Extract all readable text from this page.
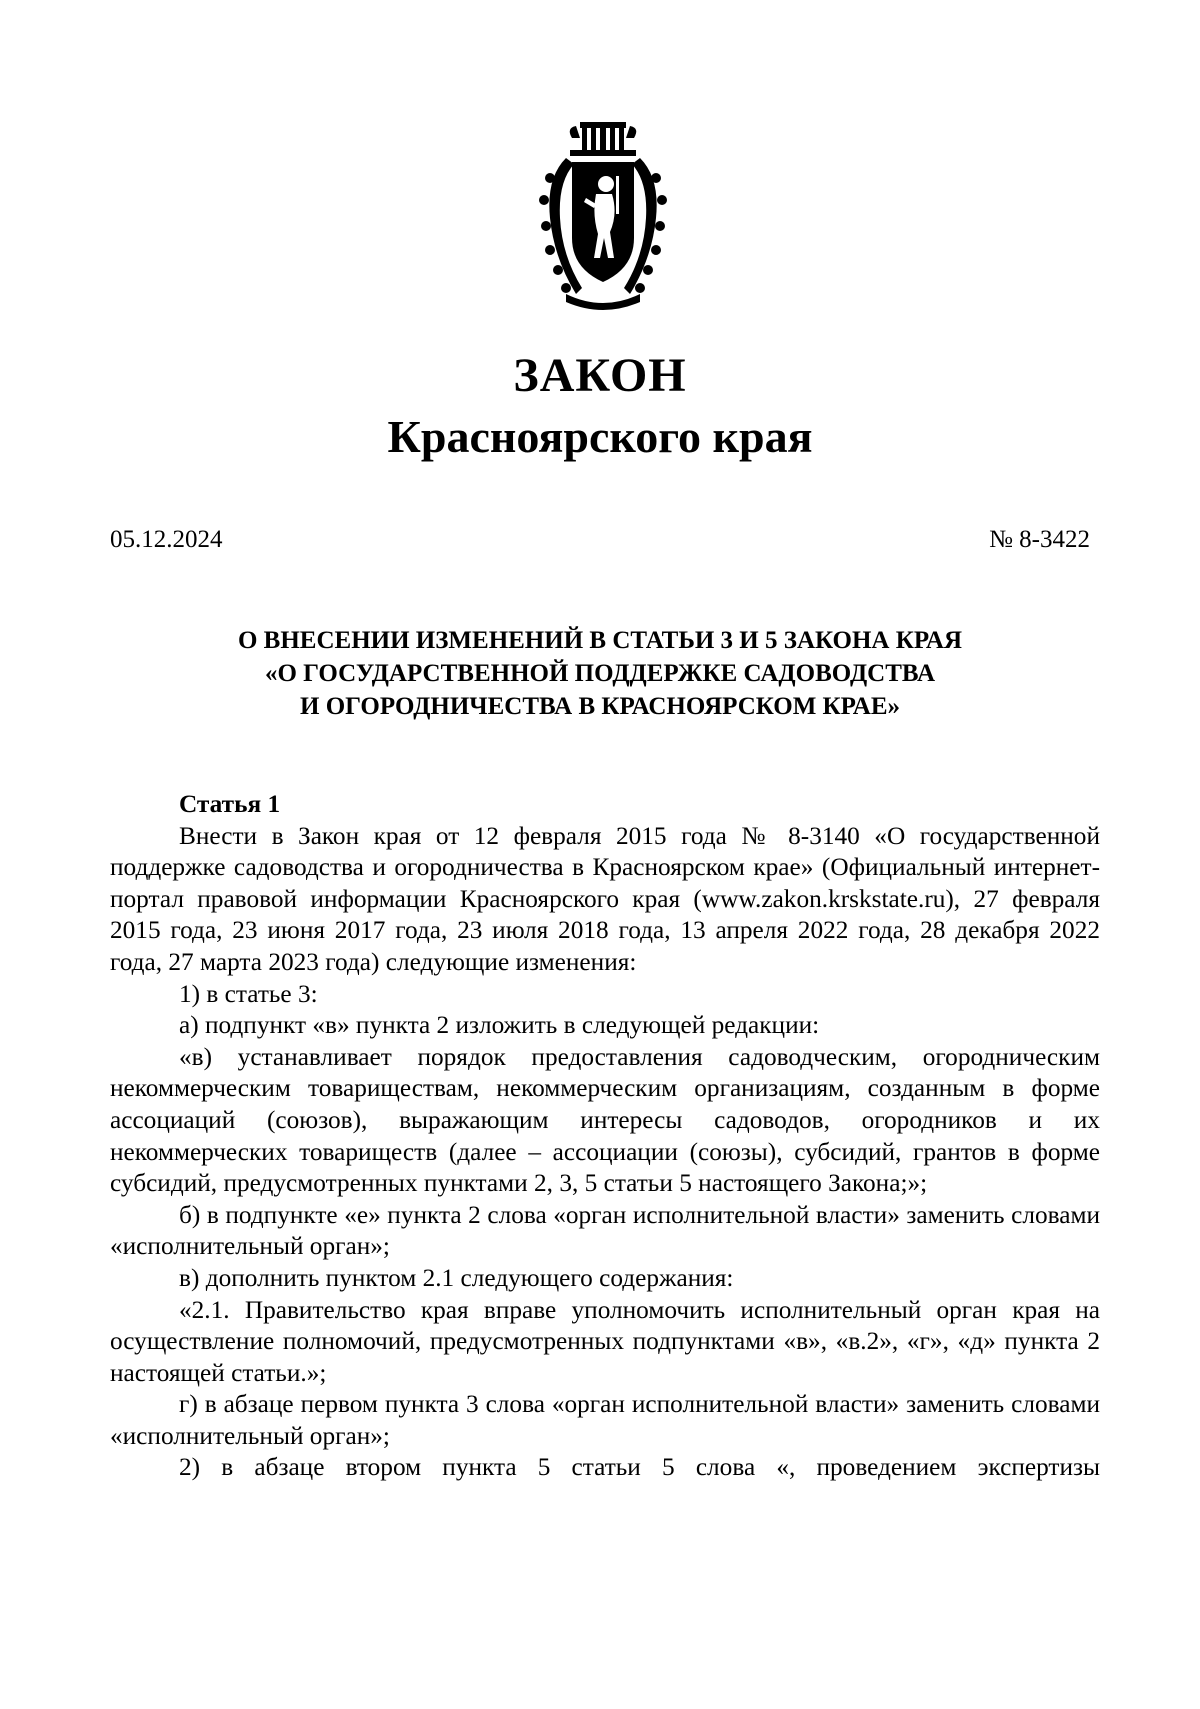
ЗАКОН
Красноярского края
05.12.2024	№ 8-3422
О ВНЕСЕНИИ ИЗМЕНЕНИЙ В СТАТЬИ 3 И 5 ЗАКОНА КРАЯ
«О ГОСУДАРСТВЕННОЙ ПОДДЕРЖКЕ САДОВОДСТВА
И ОГОРОДНИЧЕСТВА В КРАСНОЯРСКОМ КРАЕ»
Статья 1

Внести в Закон края от 12 февраля 2015 года № 8-3140 «О государственной поддержке садоводства и огородничества в Красноярском крае» (Официальный интернет-портал правовой информации Красноярского края (www.zakon.krskstate.ru), 27 февраля 2015 года, 23 июня 2017 года, 23 июля 2018 года, 13 апреля 2022 года, 28 декабря 2022 года, 27 марта 2023 года) следующие изменения:

1) в статье 3:

а) подпункт «в» пункта 2 изложить в следующей редакции:

«в) устанавливает порядок предоставления садоводческим, огородническим некоммерческим товариществам, некоммерческим организациям, созданным в форме ассоциаций (союзов), выражающим интересы садоводов, огородников и их некоммерческих товариществ (далее – ассоциации (союзы), субсидий, грантов в форме субсидий, предусмотренных пунктами 2, 3, 5 статьи 5 настоящего Закона;»;

б) в подпункте «е» пункта 2 слова «орган исполнительной власти» заменить словами «исполнительный орган»;

в) дополнить пунктом 2.1 следующего содержания:

«2.1. Правительство края вправе уполномочить исполнительный орган края на осуществление полномочий, предусмотренных подпунктами «в», «в.2», «г», «д» пункта 2 настоящей статьи.»;

г) в абзаце первом пункта 3 слова «орган исполнительной власти» заменить словами «исполнительный орган»;

2) в абзаце втором пункта 5 статьи 5 слова «, проведением экспертизы
